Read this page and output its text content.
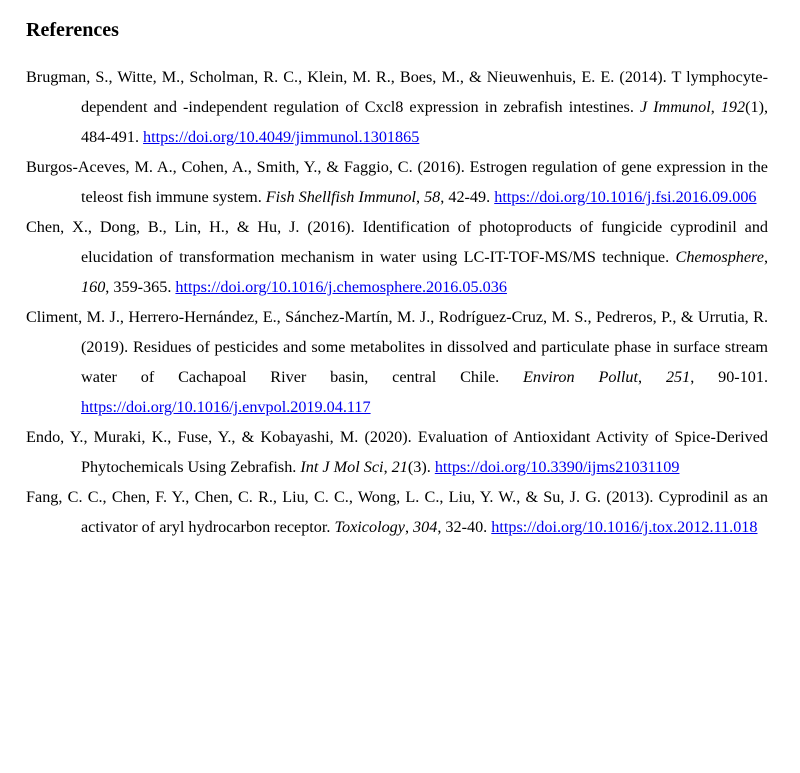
References

Brugman, S., Witte, M., Scholman, R. C., Klein, M. R., Boes, M., & Nieuwenhuis, E. E. (2014). T lymphocyte-dependent and -independent regulation of Cxcl8 expression in zebrafish intestines. J Immunol, 192(1), 484-491. https://doi.org/10.4049/jimmunol.1301865

Burgos-Aceves, M. A., Cohen, A., Smith, Y., & Faggio, C. (2016). Estrogen regulation of gene expression in the teleost fish immune system. Fish Shellfish Immunol, 58, 42-49. https://doi.org/10.1016/j.fsi.2016.09.006

Chen, X., Dong, B., Lin, H., & Hu, J. (2016). Identification of photoproducts of fungicide cyprodinil and elucidation of transformation mechanism in water using LC-IT-TOF-MS/MS technique. Chemosphere, 160, 359-365. https://doi.org/10.1016/j.chemosphere.2016.05.036

Climent, M. J., Herrero-Hernández, E., Sánchez-Martín, M. J., Rodríguez-Cruz, M. S., Pedreros, P., & Urrutia, R. (2019). Residues of pesticides and some metabolites in dissolved and particulate phase in surface stream water of Cachapoal River basin, central Chile. Environ Pollut, 251, 90-101. https://doi.org/10.1016/j.envpol.2019.04.117

Endo, Y., Muraki, K., Fuse, Y., & Kobayashi, M. (2020). Evaluation of Antioxidant Activity of Spice-Derived Phytochemicals Using Zebrafish. Int J Mol Sci, 21(3). https://doi.org/10.3390/ijms21031109

Fang, C. C., Chen, F. Y., Chen, C. R., Liu, C. C., Wong, L. C., Liu, Y. W., & Su, J. G. (2013). Cyprodinil as an activator of aryl hydrocarbon receptor. Toxicology, 304, 32-40. https://doi.org/10.1016/j.tox.2012.11.018
